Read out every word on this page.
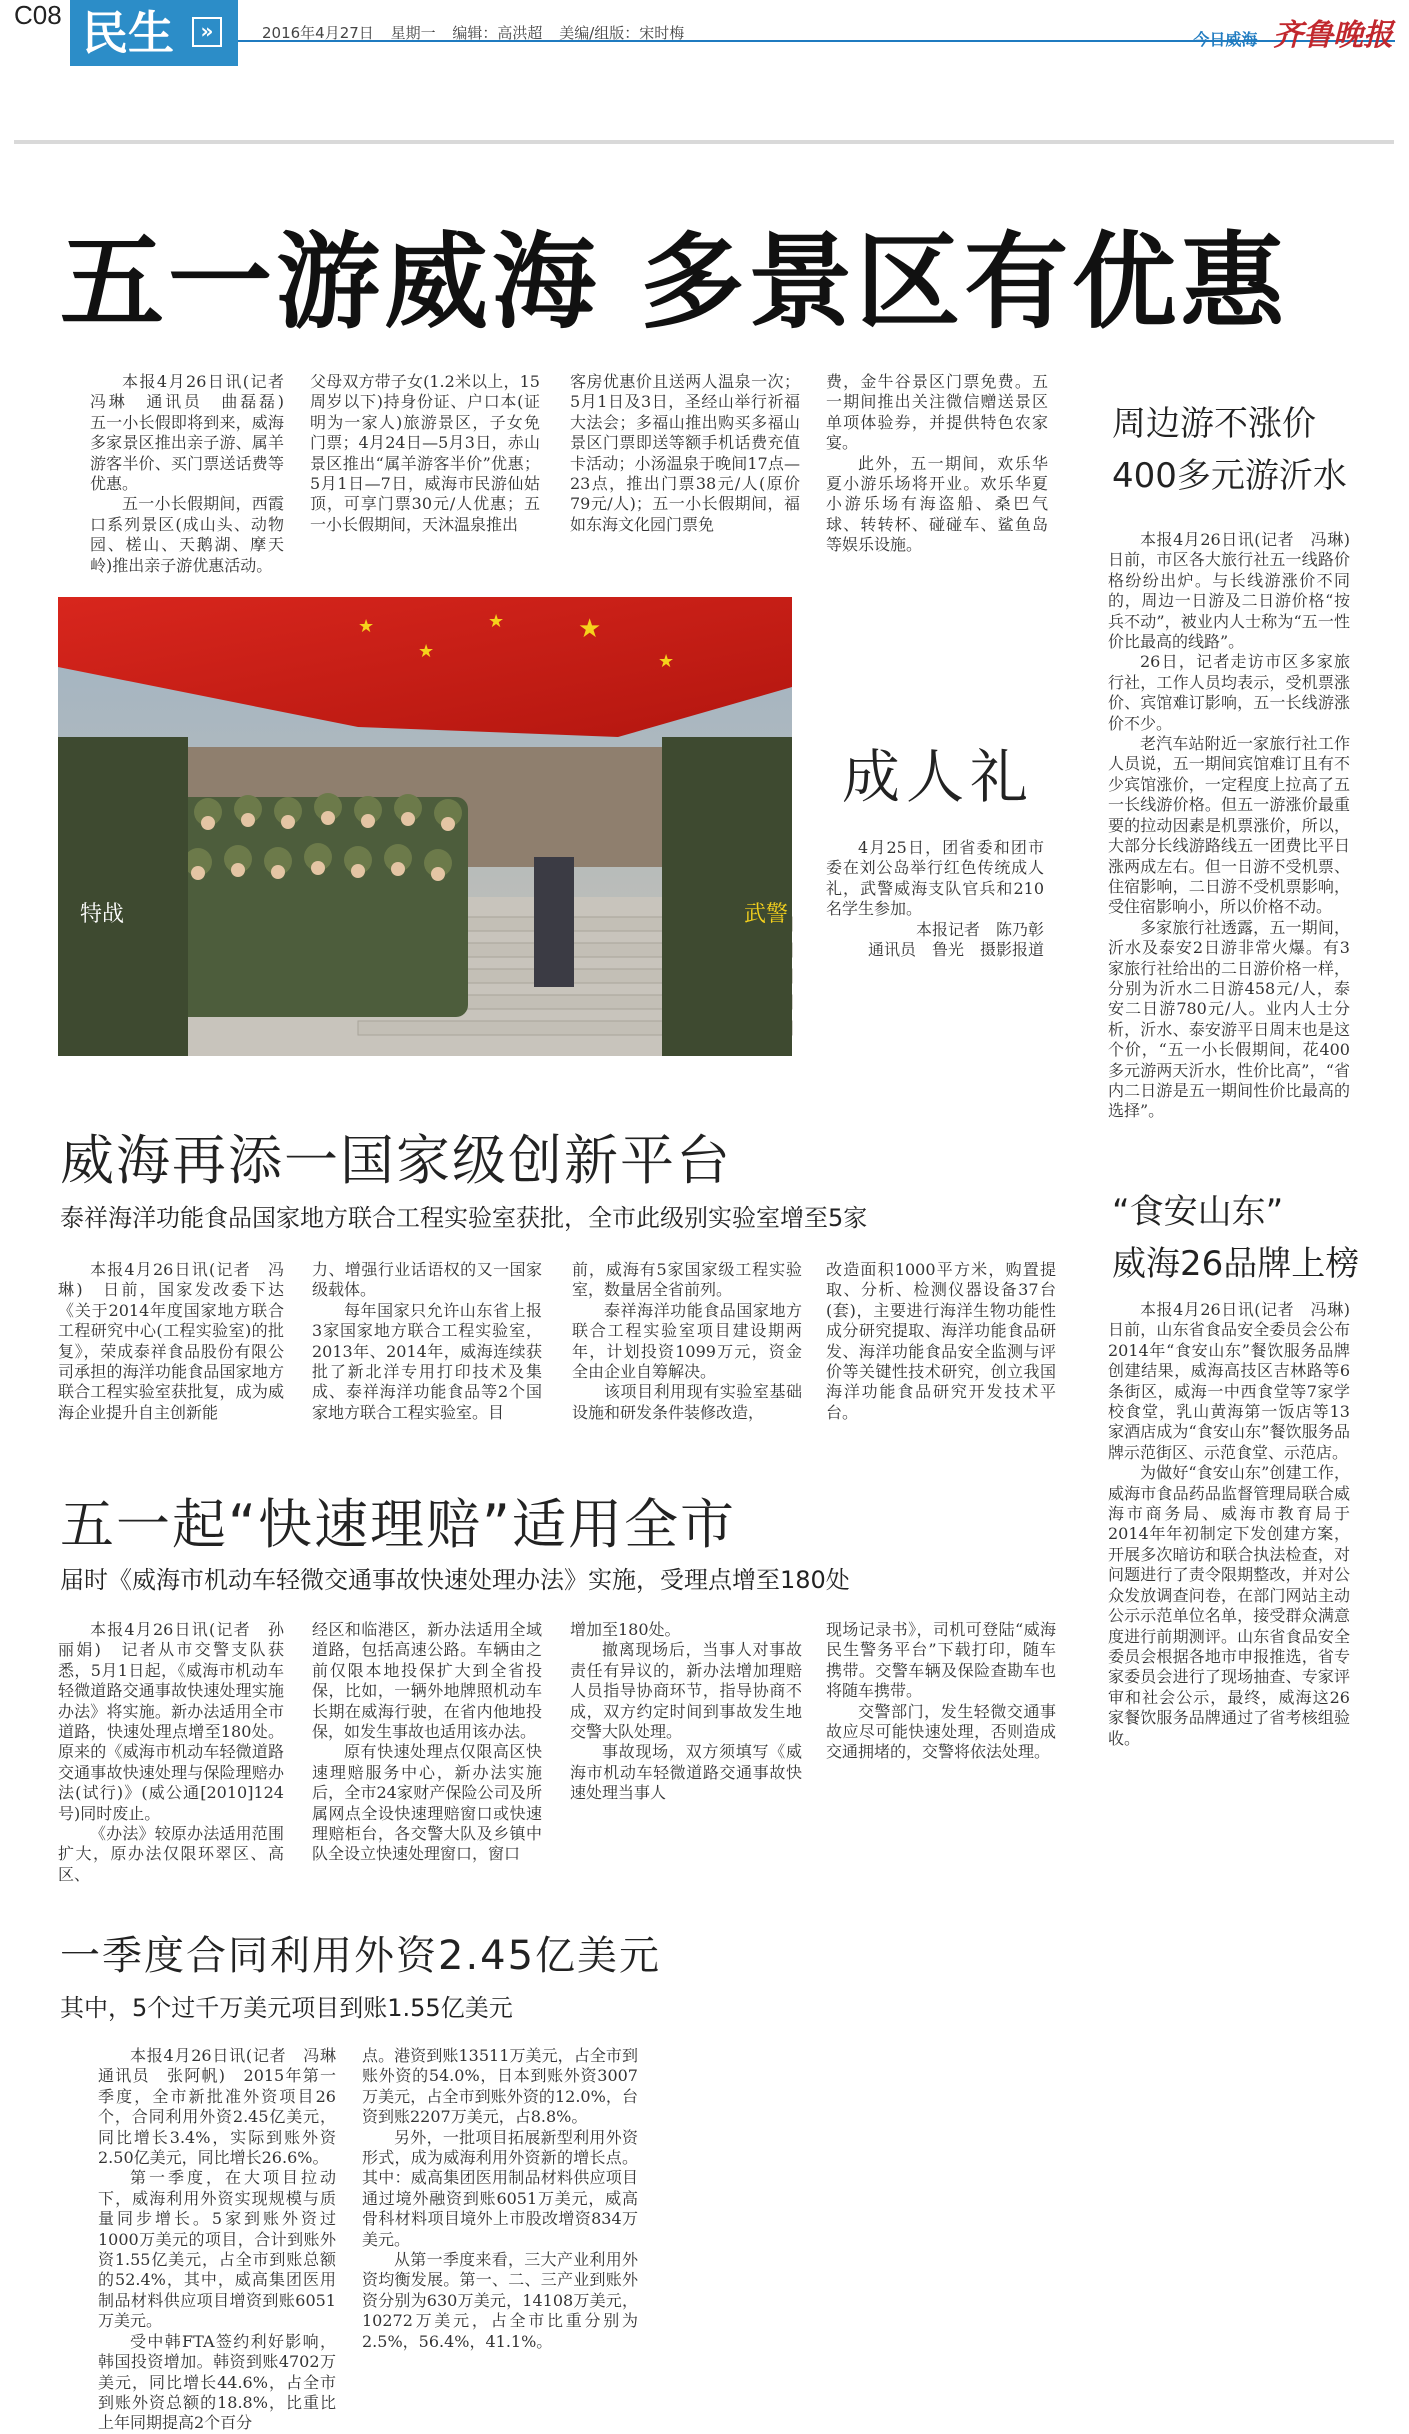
C08 民生	»	2016年4月27日 星期一 编辑：高洪超 美编/组版：宋时梅	今日威海 齐鲁晚报
五一游威海 多景区有优惠

本报4月26日讯(记者　冯琳　通讯员　曲磊磊)　五一小长假即将到来，威海多家景区推出亲子游、属羊游客半价、买门票送话费等优惠。

五一小长假期间，西霞口系列景区(成山头、动物园、槎山、天鹅湖、摩天岭)推出亲子游优惠活动。

父母双方带子女(1.2米以上，15周岁以下)持身份证、户口本(证明为一家人)旅游景区，子女免门票；4月24日—5月3日，赤山景区推出“属羊游客半价”优惠；5月1日—7日，威海市民游仙姑顶，可享门票30元/人优惠；五一小长假期间，天沐温泉推出

客房优惠价且送两人温泉一次；5月1日及3日，圣经山举行祈福大法会；多福山推出购买多福山景区门票即送等额手机话费充值卡活动；小汤温泉于晚间17点—23点，推出门票38元/人(原价79元/人)；五一小长假期间，福如东海文化园门票免

费，金牛谷景区门票免费。五一期间推出关注微信赠送景区单项体验券，并提供特色农家宴。

此外，五一期间，欢乐华夏小游乐场将开业。欢乐华夏小游乐场有海盗船、桑巴气球、转转杯、碰碰车、鲨鱼岛等娱乐设施。

周边游不涨价
400多元游沂水

本报4月26日讯(记者　冯琳)　日前，市区各大旅行社五一线路价格纷纷出炉。与长线游涨价不同的，周边一日游及二日游价格“按兵不动”，被业内人士称为“五一性价比最高的线路”。

26日，记者走访市区多家旅行社，工作人员均表示，受机票涨价、宾馆难订影响，五一长线游涨价不少。

老汽车站附近一家旅行社工作人员说，五一期间宾馆难订且有不少宾馆涨价，一定程度上拉高了五一长线游价格。但五一游涨价最重要的拉动因素是机票涨价，所以，大部分长线游路线五一团费比平日涨两成左右。但一日游不受机票、住宿影响，二日游不受机票影响，受住宿影响小，所以价格不动。

多家旅行社透露，五一期间，沂水及泰安2日游非常火爆。有3家旅行社给出的二日游价格一样，分别为沂水二日游458元/人，泰安二日游780元/人。业内人士分析，沂水、泰安游平日周末也是这个价，“五一小长假期间，花400多元游两天沂水，性价比高”，“省内二日游是五一期间性价比最高的选择”。

★
★
★
★
★
特战	武警
成人礼

4月25日，团省委和团市委在刘公岛举行红色传统成人礼，武警威海支队官兵和210名学生参加。

本报记者　陈乃彰
通讯员　鲁光　摄影报道
威海再添一国家级创新平台
泰祥海洋功能食品国家地方联合工程实验室获批，全市此级别实验室增至5家

本报4月26日讯(记者　冯琳)　日前，国家发改委下达《关于2014年度国家地方联合工程研究中心(工程实验室)的批复》，荣成泰祥食品股份有限公司承担的海洋功能食品国家地方联合工程实验室获批复，成为威海企业提升自主创新能

力、增强行业话语权的又一国家级载体。

每年国家只允许山东省上报3家国家地方联合工程实验室，2013年、2014年，威海连续获批了新北洋专用打印技术及集成、泰祥海洋功能食品等2个国家地方联合工程实验室。目

前，威海有5家国家级工程实验室，数量居全省前列。

泰祥海洋功能食品国家地方联合工程实验室项目建设期两年，计划投资1099万元，资金全由企业自筹解决。

该项目利用现有实验室基础设施和研发条件装修改造，

改造面积1000平方米，购置提取、分析、检测仪器设备37台(套)，主要进行海洋生物功能性成分研究提取、海洋功能食品研发、海洋功能食品安全监测与评价等关键性技术研究，创立我国海洋功能食品研究开发技术平台。

“食安山东”
威海26品牌上榜

本报4月26日讯(记者　冯琳)　日前，山东省食品安全委员会公布2014年“食安山东”餐饮服务品牌创建结果，威海高技区吉林路等6条街区，威海一中西食堂等7家学校食堂，乳山黄海第一饭店等13家酒店成为“食安山东”餐饮服务品牌示范街区、示范食堂、示范店。

为做好“食安山东”创建工作，威海市食品药品监督管理局联合威海市商务局、威海市教育局于2014年年初制定下发创建方案，开展多次暗访和联合执法检查，对问题进行了责令限期整改，并对公众发放调查问卷，在部门网站主动公示示范单位名单，接受群众满意度进行前期测评。山东省食品安全委员会根据各地市申报推选，省专家委员会进行了现场抽查、专家评审和社会公示，最终，威海这26家餐饮服务品牌通过了省考核组验收。

五一起“快速理赔”适用全市
届时《威海市机动车轻微交通事故快速处理办法》实施，受理点增至180处

本报4月26日讯(记者　孙丽娟)　记者从市交警支队获悉，5月1日起，《威海市机动车轻微道路交通事故快速处理实施办法》将实施。新办法适用全市道路，快速处理点增至180处。原来的《威海市机动车轻微道路交通事故快速处理与保险理赔办法(试行)》(威公通[2010]124号)同时废止。

《办法》较原办法适用范围扩大，原办法仅限环翠区、高区、

经区和临港区，新办法适用全域道路，包括高速公路。车辆由之前仅限本地投保扩大到全省投保，比如，一辆外地牌照机动车长期在威海行驶，在省内他地投保，如发生事故也适用该办法。

原有快速处理点仅限高区快速理赔服务中心，新办法实施后，全市24家财产保险公司及所属网点全设快速理赔窗口或快速理赔柜台，各交警大队及乡镇中队全设立快速处理窗口，窗口

增加至180处。

撤离现场后，当事人对事故责任有异议的，新办法增加理赔人员指导协商环节，指导协商不成，双方约定时间到事故发生地交警大队处理。

事故现场，双方须填写《威海市机动车轻微道路交通事故快速处理当事人

现场记录书》，司机可登陆“威海民生警务平台”下载打印，随车携带。交警车辆及保险查勘车也将随车携带。

交警部门，发生轻微交通事故应尽可能快速处理，否则造成交通拥堵的，交警将依法处理。

一季度合同利用外资2.45亿美元
其中，5个过千万美元项目到账1.55亿美元

本报4月26日讯(记者　冯琳　通讯员　张阿帆)　2015年第一季度，全市新批准外资项目26个，合同利用外资2.45亿美元，同比增长3.4%，实际到账外资2.50亿美元，同比增长26.6%。

第一季度，在大项目拉动下，威海利用外资实现规模与质量同步增长。5家到账外资过1000万美元的项目，合计到账外资1.55亿美元，占全市到账总额的52.4%，其中，威高集团医用制品材料供应项目增资到账6051万美元。

受中韩FTA签约利好影响，韩国投资增加。韩资到账4702万美元，同比增长44.6%，占全市到账外资总额的18.8%，比重比上年同期提高2个百分

点。港资到账13511万美元，占全市到账外资的54.0%，日本到账外资3007万美元，占全市到账外资的12.0%，台资到账2207万美元，占8.8%。

另外，一批项目拓展新型利用外资形式，成为威海利用外资新的增长点。其中：威高集团医用制品材料供应项目通过境外融资到账6051万美元，威高骨科材料项目境外上市股改增资834万美元。

从第一季度来看，三大产业利用外资均衡发展。第一、二、三产业到账外资分别为630万美元，14108万美元，10272万美元，占全市比重分别为2.5%，56.4%，41.1%。
